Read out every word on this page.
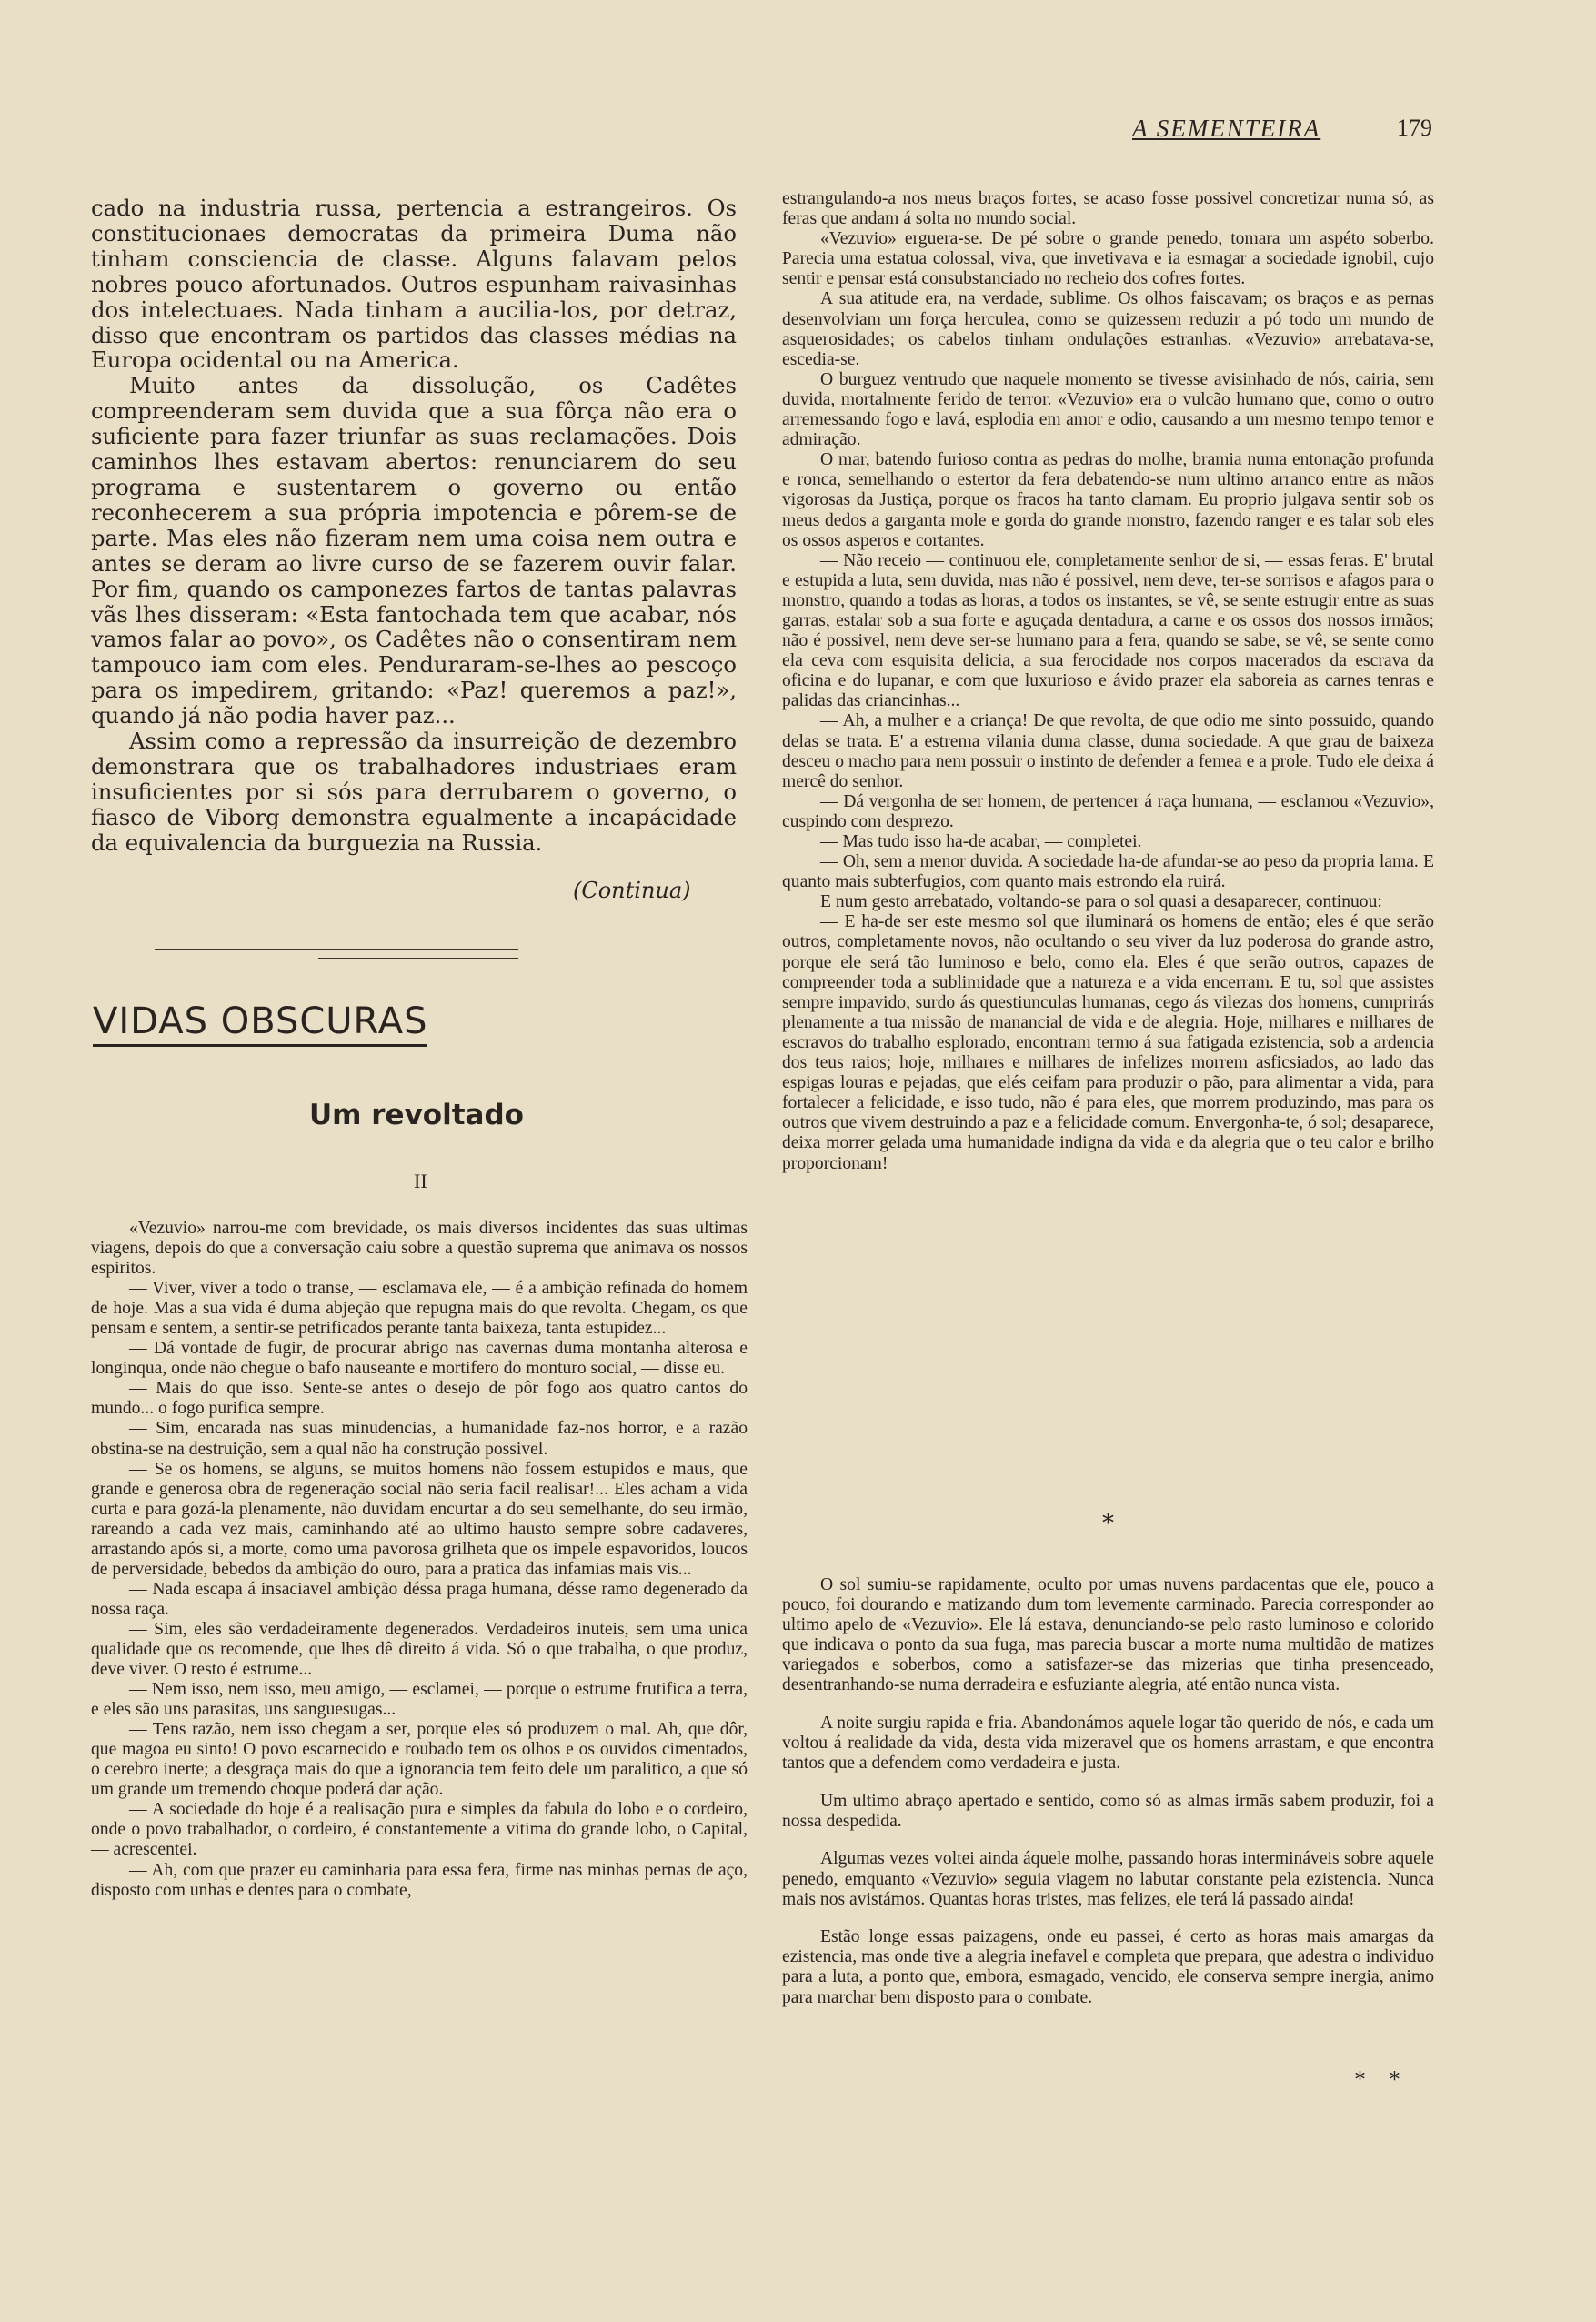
A SEMENTEIRA	179

cado na industria russa, pertencia a estrangeiros. Os constitucionaes democratas da primeira Duma não tinham consciencia de classe. Alguns falavam pelos nobres pouco afortunados. Outros espunham raivasinhas dos intelectuaes. Nada tinham a aucilia-los, por detraz, disso que encontram os partidos das classes médias na Europa ocidental ou na America.

Muito antes da dissolução, os Cadêtes compreenderam sem duvida que a sua fôrça não era o suficiente para fazer triunfar as suas reclamações. Dois caminhos lhes estavam abertos: renunciarem do seu programa e sustentarem o governo ou então reconhecerem a sua própria impotencia e pôrem-se de parte. Mas eles não fizeram nem uma coisa nem outra e antes se deram ao livre curso de se fazerem ouvir falar. Por fim, quando os camponezes fartos de tantas palavras vãs lhes disseram: «Esta fantochada tem que acabar, nós vamos falar ao povo», os Cadêtes não o consentiram nem tampouco iam com eles. Penduraram-se-lhes ao pescoço para os impedirem, gritando: «Paz! queremos a paz!», quando já não podia haver paz...

Assim como a repressão da insurreição de dezembro demonstrara que os trabalhadores industriaes eram insuficientes por si sós para derrubarem o governo, o fiasco de Viborg demonstra egualmente a incapácidade da equivalencia da burguezia na Russia.

(Continua)
VIDAS OBSCURAS
Um revoltado
II

«Vezuvio» narrou-me com brevidade, os mais diversos incidentes das suas ultimas viagens, depois do que a conversação caiu sobre a questão suprema que animava os nossos espiritos.

— Viver, viver a todo o transe, — esclamava ele, — é a ambição refinada do homem de hoje. Mas a sua vida é duma abjeção que repugna mais do que revolta. Chegam, os que pensam e sentem, a sentir-se petrificados perante tanta baixeza, tanta estupidez...

— Dá vontade de fugir, de procurar abrigo nas cavernas duma montanha alterosa e longinqua, onde não chegue o bafo nauseante e mortifero do monturo social, — disse eu.

— Mais do que isso. Sente-se antes o desejo de pôr fogo aos quatro cantos do mundo... o fogo purifica sempre.

— Sim, encarada nas suas minudencias, a humanidade faz-nos horror, e a razão obstina-se na destruição, sem a qual não ha construção possivel.

— Se os homens, se alguns, se muitos homens não fossem estupidos e maus, que grande e generosa obra de regeneração social não seria facil realisar!... Eles acham a vida curta e para gozá-la plenamente, não duvidam encurtar a do seu semelhante, do seu irmão, rareando a cada vez mais, caminhando até ao ultimo hausto sempre sobre cadaveres, arrastando após si, a morte, como uma pavorosa grilheta que os impele espavoridos, loucos de perversidade, bebedos da ambição do ouro, para a pratica das infamias mais vis...

— Nada escapa á insaciavel ambição déssa praga humana, désse ramo degenerado da nossa raça.

— Sim, eles são verdadeiramente degenerados. Verdadeiros inuteis, sem uma unica qualidade que os recomende, que lhes dê direito á vida. Só o que trabalha, o que produz, deve viver. O resto é estrume...

— Nem isso, nem isso, meu amigo, — esclamei, — porque o estrume frutifica a terra, e eles são uns parasitas, uns sanguesugas...

— Tens razão, nem isso chegam a ser, porque eles só produzem o mal. Ah, que dôr, que magoa eu sinto! O povo escarnecido e roubado tem os olhos e os ouvidos cimentados, o cerebro inerte; a desgraça mais do que a ignorancia tem feito dele um paralitico, a que só um grande um tremendo choque poderá dar ação.

— A sociedade do hoje é a realisação pura e simples da fabula do lobo e o cordeiro, onde o povo trabalhador, o cordeiro, é constantemente a vitima do grande lobo, o Capital, — acrescentei.

— Ah, com que prazer eu caminharia para essa fera, firme nas minhas pernas de aço, disposto com unhas e dentes para o combate,

estrangulando-a nos meus braços fortes, se acaso fosse possivel concretizar numa só, as feras que andam á solta no mundo social.

«Vezuvio» erguera-se. De pé sobre o grande penedo, tomara um aspéto soberbo. Parecia uma estatua colossal, viva, que invetivava e ia esmagar a sociedade ignobil, cujo sentir e pensar está consubstanciado no recheio dos cofres fortes.

A sua atitude era, na verdade, sublime. Os olhos faiscavam; os braços e as pernas desenvolviam um força herculea, como se quizessem reduzir a pó todo um mundo de asquerosidades; os cabelos tinham ondulações estranhas. «Vezuvio» arrebatava-se, escedia-se.

O burguez ventrudo que naquele momento se tivesse avisinhado de nós, cairia, sem duvida, mortalmente ferido de terror. «Vezuvio» era o vulcão humano que, como o outro arremessando fogo e lavá, esplodia em amor e odio, causando a um mesmo tempo temor e admiração.

O mar, batendo furioso contra as pedras do molhe, bramia numa entonação profunda e ronca, semelhando o estertor da fera debatendo-se num ultimo arranco entre as mãos vigorosas da Justiça, porque os fracos ha tanto clamam. Eu proprio julgava sentir sob os meus dedos a garganta mole e gorda do grande monstro, fazendo ranger e es talar sob eles os ossos asperos e cortantes.

— Não receio — continuou ele, completamente senhor de si, — essas feras. E' brutal e estupida a luta, sem duvida, mas não é possivel, nem deve, ter-se sorrisos e afagos para o monstro, quando a todas as horas, a todos os instantes, se vê, se sente estrugir entre as suas garras, estalar sob a sua forte e aguçada dentadura, a carne e os ossos dos nossos irmãos; não é possivel, nem deve ser-se humano para a fera, quando se sabe, se vê, se sente como ela ceva com esquisita delicia, a sua ferocidade nos corpos macerados da escrava da oficina e do lupanar, e com que luxurioso e ávido prazer ela saboreia as carnes tenras e palidas das criancinhas...

— Ah, a mulher e a criança! De que revolta, de que odio me sinto possuido, quando delas se trata. E' a estrema vilania duma classe, duma sociedade. A que grau de baixeza desceu o macho para nem possuir o instinto de defender a femea e a prole. Tudo ele deixa á mercê do senhor.

— Dá vergonha de ser homem, de pertencer á raça humana, — esclamou «Vezuvio», cuspindo com desprezo.

— Mas tudo isso ha-de acabar, — completei.

— Oh, sem a menor duvida. A sociedade ha-de afundar-se ao peso da propria lama. E quanto mais subterfugios, com quanto mais estrondo ela ruirá.

E num gesto arrebatado, voltando-se para o sol quasi a desaparecer, continuou:

— E ha-de ser este mesmo sol que iluminará os homens de então; eles é que serão outros, completamente novos, não ocultando o seu viver da luz poderosa do grande astro, porque ele será tão luminoso e belo, como ela. Eles é que serão outros, capazes de compreender toda a sublimidade que a natureza e a vida encerram. E tu, sol que assistes sempre impavido, surdo ás questiunculas humanas, cego ás vilezas dos homens, cumprirás plenamente a tua missão de manancial de vida e de alegria. Hoje, milhares e milhares de escravos do trabalho esplorado, encontram termo á sua fatigada ezistencia, sob a ardencia dos teus raios; hoje, milhares e milhares de infelizes morrem asficsiados, ao lado das espigas louras e pejadas, que elés ceifam para produzir o pão, para alimentar a vida, para fortalecer a felicidade, e isso tudo, não é para eles, que morrem produzindo, mas para os outros que vivem destruindo a paz e a felicidade comum. Envergonha-te, ó sol; desaparece, deixa morrer gelada uma humanidade indigna da vida e da alegria que o teu calor e brilho proporcionam!

*

O sol sumiu-se rapidamente, oculto por umas nuvens pardacentas que ele, pouco a pouco, foi dourando e matizando dum tom levemente carminado. Parecia corresponder ao ultimo apelo de «Vezuvio». Ele lá estava, denunciando-se pelo rasto luminoso e colorido que indicava o ponto da sua fuga, mas parecia buscar a morte numa multidão de matizes variegados e soberbos, como a satisfazer-se das mizerias que tinha presenceado, desentranhando-se numa derradeira e esfuziante alegria, até então nunca vista.

A noite surgiu rapida e fria. Abandonámos aquele logar tão querido de nós, e cada um voltou á realidade da vida, desta vida mizeravel que os homens arrastam, e que encontra tantos que a defendem como verdadeira e justa.

Um ultimo abraço apertado e sentido, como só as almas irmãs sabem produzir, foi a nossa despedida.

Algumas vezes voltei ainda áquele molhe, passando horas intermináveis sobre aquele penedo, emquanto «Vezuvio» seguia viagem no labutar constante pela ezistencia. Nunca mais nos avistámos. Quantas horas tristes, mas felizes, ele terá lá passado ainda!

Estão longe essas paizagens, onde eu passei, é certo as horas mais amargas da ezistencia, mas onde tive a alegria inefavel e completa que prepara, que adestra o individuo para a luta, a ponto que, embora, esmagado, vencido, ele conserva sempre inergia, animo para marchar bem disposto para o combate.

* *
